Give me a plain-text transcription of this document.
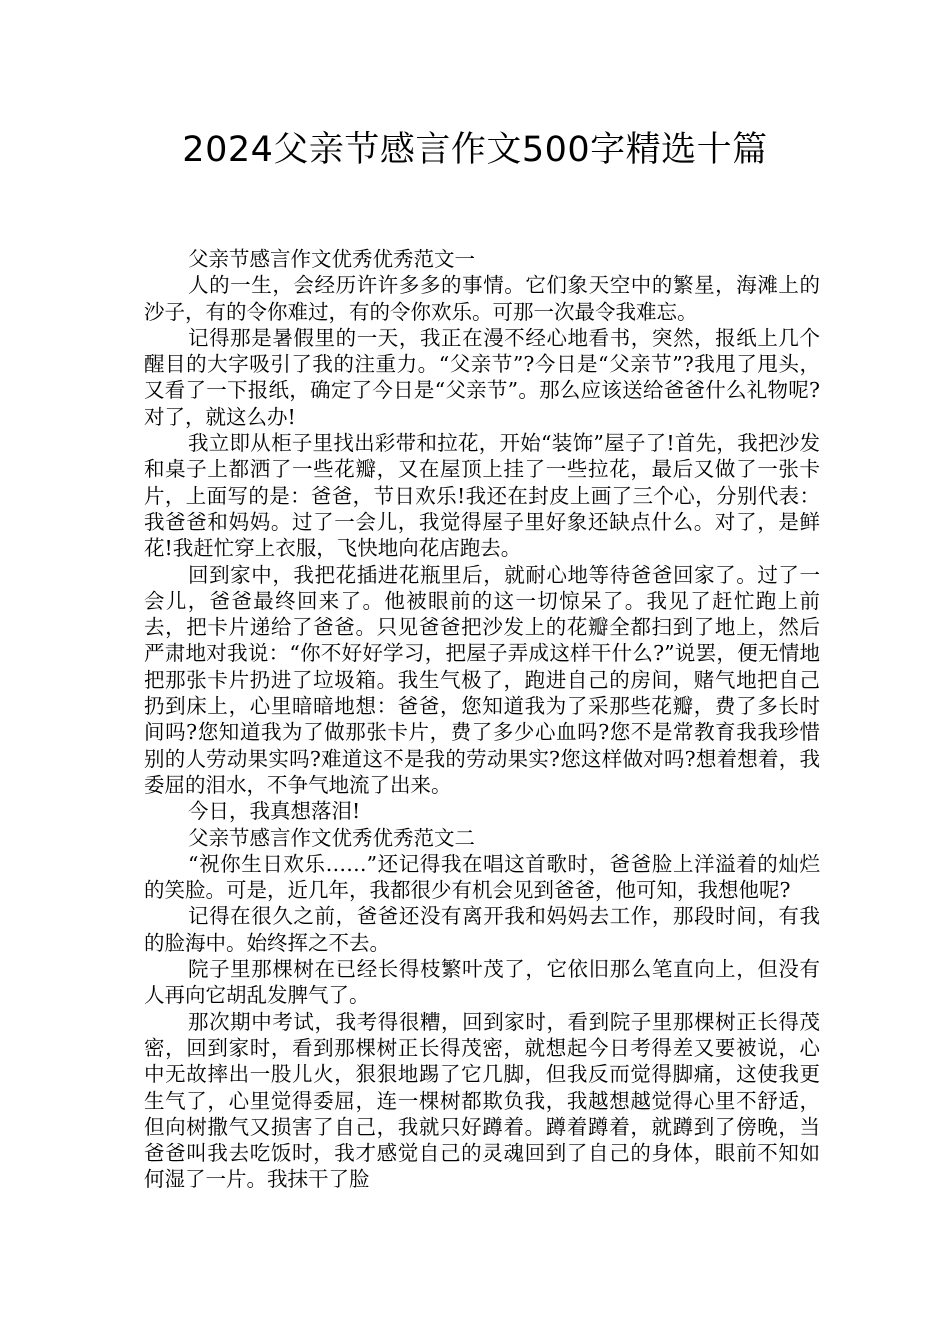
2024父亲节感言作文500字精选十篇

父亲节感言作文优秀优秀范文一

人的一生，会经历许许多多的事情。它们象天空中的繁星，海滩上的沙子，有的令你难过，有的令你欢乐。可那一次最令我难忘。

记得那是暑假里的一天，我正在漫不经心地看书，突然，报纸上几个醒目的大字吸引了我的注重力。“父亲节”?今日是“父亲节”?我甩了甩头，又看了一下报纸，确定了今日是“父亲节”。那么应该送给爸爸什么礼物呢?对了，就这么办!

我立即从柜子里找出彩带和拉花，开始“装饰”屋子了!首先，我把沙发和桌子上都洒了一些花瓣，又在屋顶上挂了一些拉花，最后又做了一张卡片，上面写的是：爸爸，节日欢乐!我还在封皮上画了三个心，分别代表：我爸爸和妈妈。过了一会儿，我觉得屋子里好象还缺点什么。对了，是鲜花!我赶忙穿上衣服，飞快地向花店跑去。

回到家中，我把花插进花瓶里后，就耐心地等待爸爸回家了。过了一会儿，爸爸最终回来了。他被眼前的这一切惊呆了。我见了赶忙跑上前去，把卡片递给了爸爸。只见爸爸把沙发上的花瓣全都扫到了地上，然后严肃地对我说：“你不好好学习，把屋子弄成这样干什么?”说罢，便无情地把那张卡片扔进了垃圾箱。我生气极了，跑进自己的房间，赌气地把自己扔到床上，心里暗暗地想：爸爸，您知道我为了采那些花瓣，费了多长时间吗?您知道我为了做那张卡片，费了多少心血吗?您不是常教育我我珍惜别的人劳动果实吗?难道这不是我的劳动果实?您这样做对吗?想着想着，我委屈的泪水，不争气地流了出来。

今日，我真想落泪!

父亲节感言作文优秀优秀范文二

“祝你生日欢乐……”还记得我在唱这首歌时，爸爸脸上洋溢着的灿烂的笑脸。可是，近几年，我都很少有机会见到爸爸，他可知，我想他呢?

记得在很久之前，爸爸还没有离开我和妈妈去工作，那段时间，有我的脸海中。始终挥之不去。

院子里那棵树在已经长得枝繁叶茂了，它依旧那么笔直向上，但没有人再向它胡乱发脾气了。

那次期中考试，我考得很糟，回到家时，看到院子里那棵树正长得茂密，回到家时，看到那棵树正长得茂密，就想起今日考得差又要被说，心中无故摔出一股儿火，狠狠地踢了它几脚，但我反而觉得脚痛，这使我更生气了，心里觉得委屈，连一棵树都欺负我，我越想越觉得心里不舒适，但向树撒气又损害了自己，我就只好蹲着。蹲着蹲着，就蹲到了傍晚，当爸爸叫我去吃饭时，我才感觉自己的灵魂回到了自己的身体，眼前不知如何湿了一片。我抹干了脸
